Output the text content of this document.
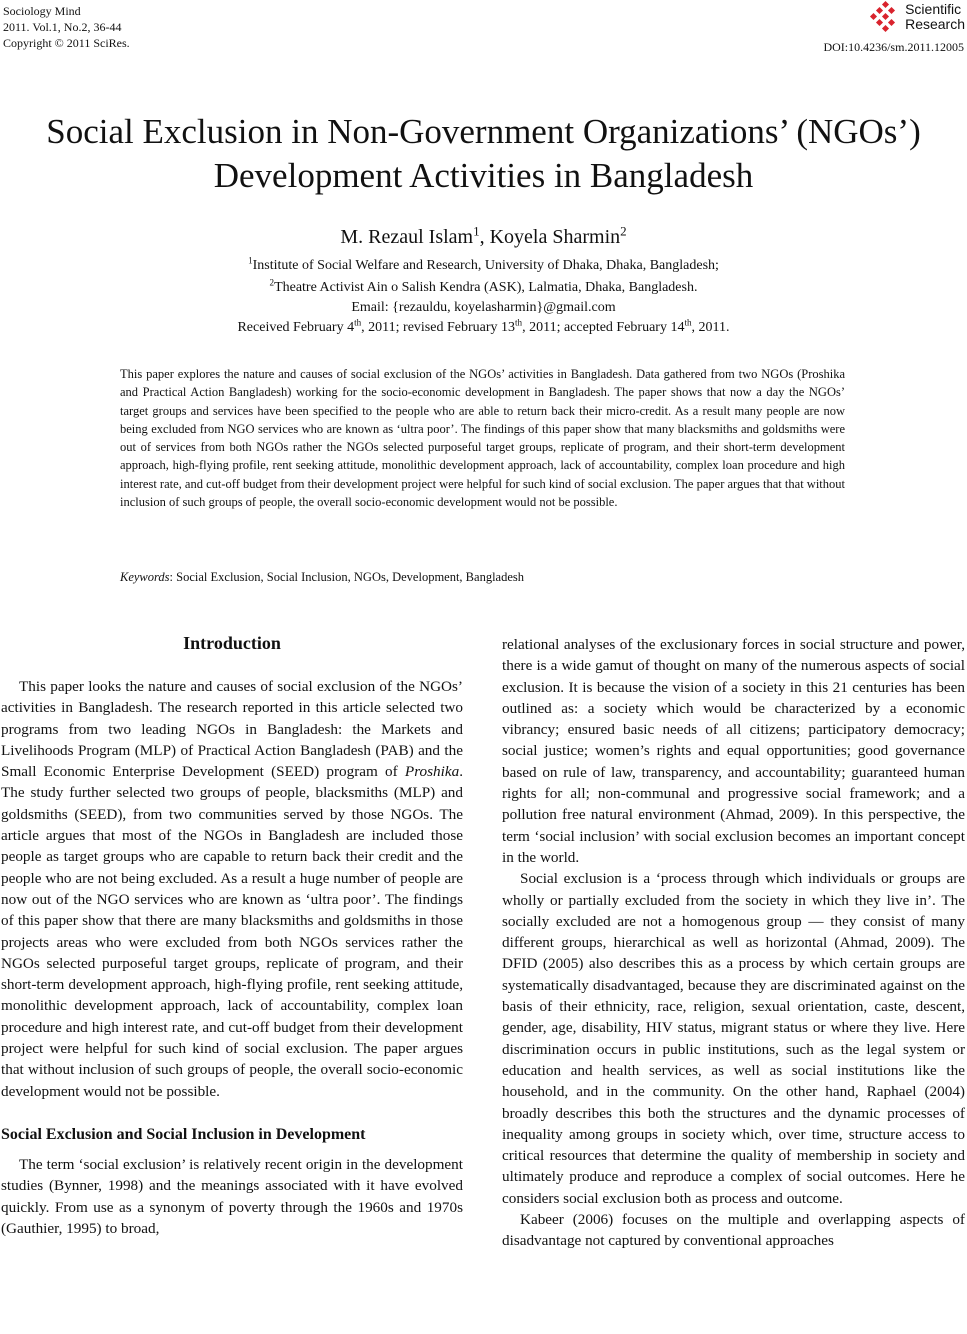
Sociology Mind
2011. Vol.1, No.2, 36-44
Copyright © 2011 SciRes.
Scientific
Research
DOI:10.4236/sm.2011.12005
Social Exclusion in Non-Government Organizations’ (NGOs’)
Development Activities in Bangladesh
M. Rezaul Islam$^1$, Koyela Sharmin$^2$
$^1$Institute of Social Welfare and Research, University of Dhaka, Dhaka, Bangladesh;
$^2$Theatre Activist Ain o Salish Kendra (ASK), Lalmatia, Dhaka, Bangladesh.
Email: {rezauldu, koyelasharmin}@gmail.com
Received February 4th, 2011; revised February 13th, 2011; accepted February 14th, 2011.
This paper explores the nature and causes of social exclusion of the NGOs’ activities in Bangladesh. Data gathered from two NGOs (Proshika and Practical Action Bangladesh) working for the socio-economic development in Bangladesh. The paper shows that now a day the NGOs’ target groups and services have been specified to the people who are able to return back their micro-credit. As a result many people are now being excluded from NGO services who are known as ‘ultra poor’. The findings of this paper show that many blacksmiths and goldsmiths were out of services from both NGOs rather the NGOs selected purposeful target groups, replicate of program, and their short-term development approach, high-flying profile, rent seeking attitude, monolithic development approach, lack of accountability, complex loan procedure and high interest rate, and cut-off budget from their development project were helpful for such kind of social exclusion. The paper argues that that without inclusion of such groups of people, the overall socio-economic development would not be possible.
Keywords: Social Exclusion, Social Inclusion, NGOs, Development, Bangladesh
Introduction

This paper looks the nature and causes of social exclusion of the NGOs’ activities in Bangladesh. The research reported in this article selected two programs from two leading NGOs in Bangladesh: the Markets and Livelihoods Program (MLP) of Practical Action Bangladesh (PAB) and the Small Economic Enterprise Development (SEED) program of Proshika. The study further selected two groups of people, blacksmiths (MLP) and goldsmiths (SEED), from two communities served by those NGOs. The article argues that most of the NGOs in Bangladesh are included those people as target groups who are capable to return back their credit and the people who are not being excluded. As a result a huge number of people are now out of the NGO services who are known as ‘ultra poor’. The findings of this paper show that there are many blacksmiths and goldsmiths in those projects areas who were excluded from both NGOs services rather the NGOs selected purposeful target groups, replicate of program, and their short-term development approach, high-flying profile, rent seeking attitude, monolithic development approach, lack of accountability, complex loan procedure and high interest rate, and cut-off budget from their development project were helpful for such kind of social exclusion. The paper argues that without inclusion of such groups of people, the overall socio-economic development would not be possible.

Social Exclusion and Social Inclusion in Development

The term ‘social exclusion’ is relatively recent origin in the development studies (Bynner, 1998) and the meanings associated with it have evolved quickly. From use as a synonym of poverty through the 1960s and 1970s (Gauthier, 1995) to broad,

relational analyses of the exclusionary forces in social structure and power, there is a wide gamut of thought on many of the numerous aspects of social exclusion. It is because the vision of a society in this 21 centuries has been outlined as: a society which would be characterized by a economic vibrancy; ensured basic needs of all citizens; participatory democracy; social justice; women’s rights and equal opportunities; good governance based on rule of law, transparency, and accountability; guaranteed human rights for all; non-communal and progressive social framework; and a pollution free natural environment (Ahmad, 2009). In this perspective, the term ‘social inclusion’ with social exclusion becomes an important concept in the world.

Social exclusion is a ‘process through which individuals or groups are wholly or partially excluded from the society in which they live in’. The socially excluded are not a homogenous group — they consist of many different groups, hierarchical as well as horizontal (Ahmad, 2009). The DFID (2005) also describes this as a process by which certain groups are systematically disadvantaged, because they are discriminated against on the basis of their ethnicity, race, religion, sexual orientation, caste, descent, gender, age, disability, HIV status, migrant status or where they live. Here discrimination occurs in public institutions, such as the legal system or education and health services, as well as social institutions like the household, and in the community. On the other hand, Raphael (2004) broadly describes this both the structures and the dynamic processes of inequality among groups in society which, over time, structure access to critical resources that determine the quality of membership in society and ultimately produce and reproduce a complex of social outcomes. Here he considers social exclusion both as process and outcome.

Kabeer (2006) focuses on the multiple and overlapping aspects of disadvantage not captured by conventional approaches
